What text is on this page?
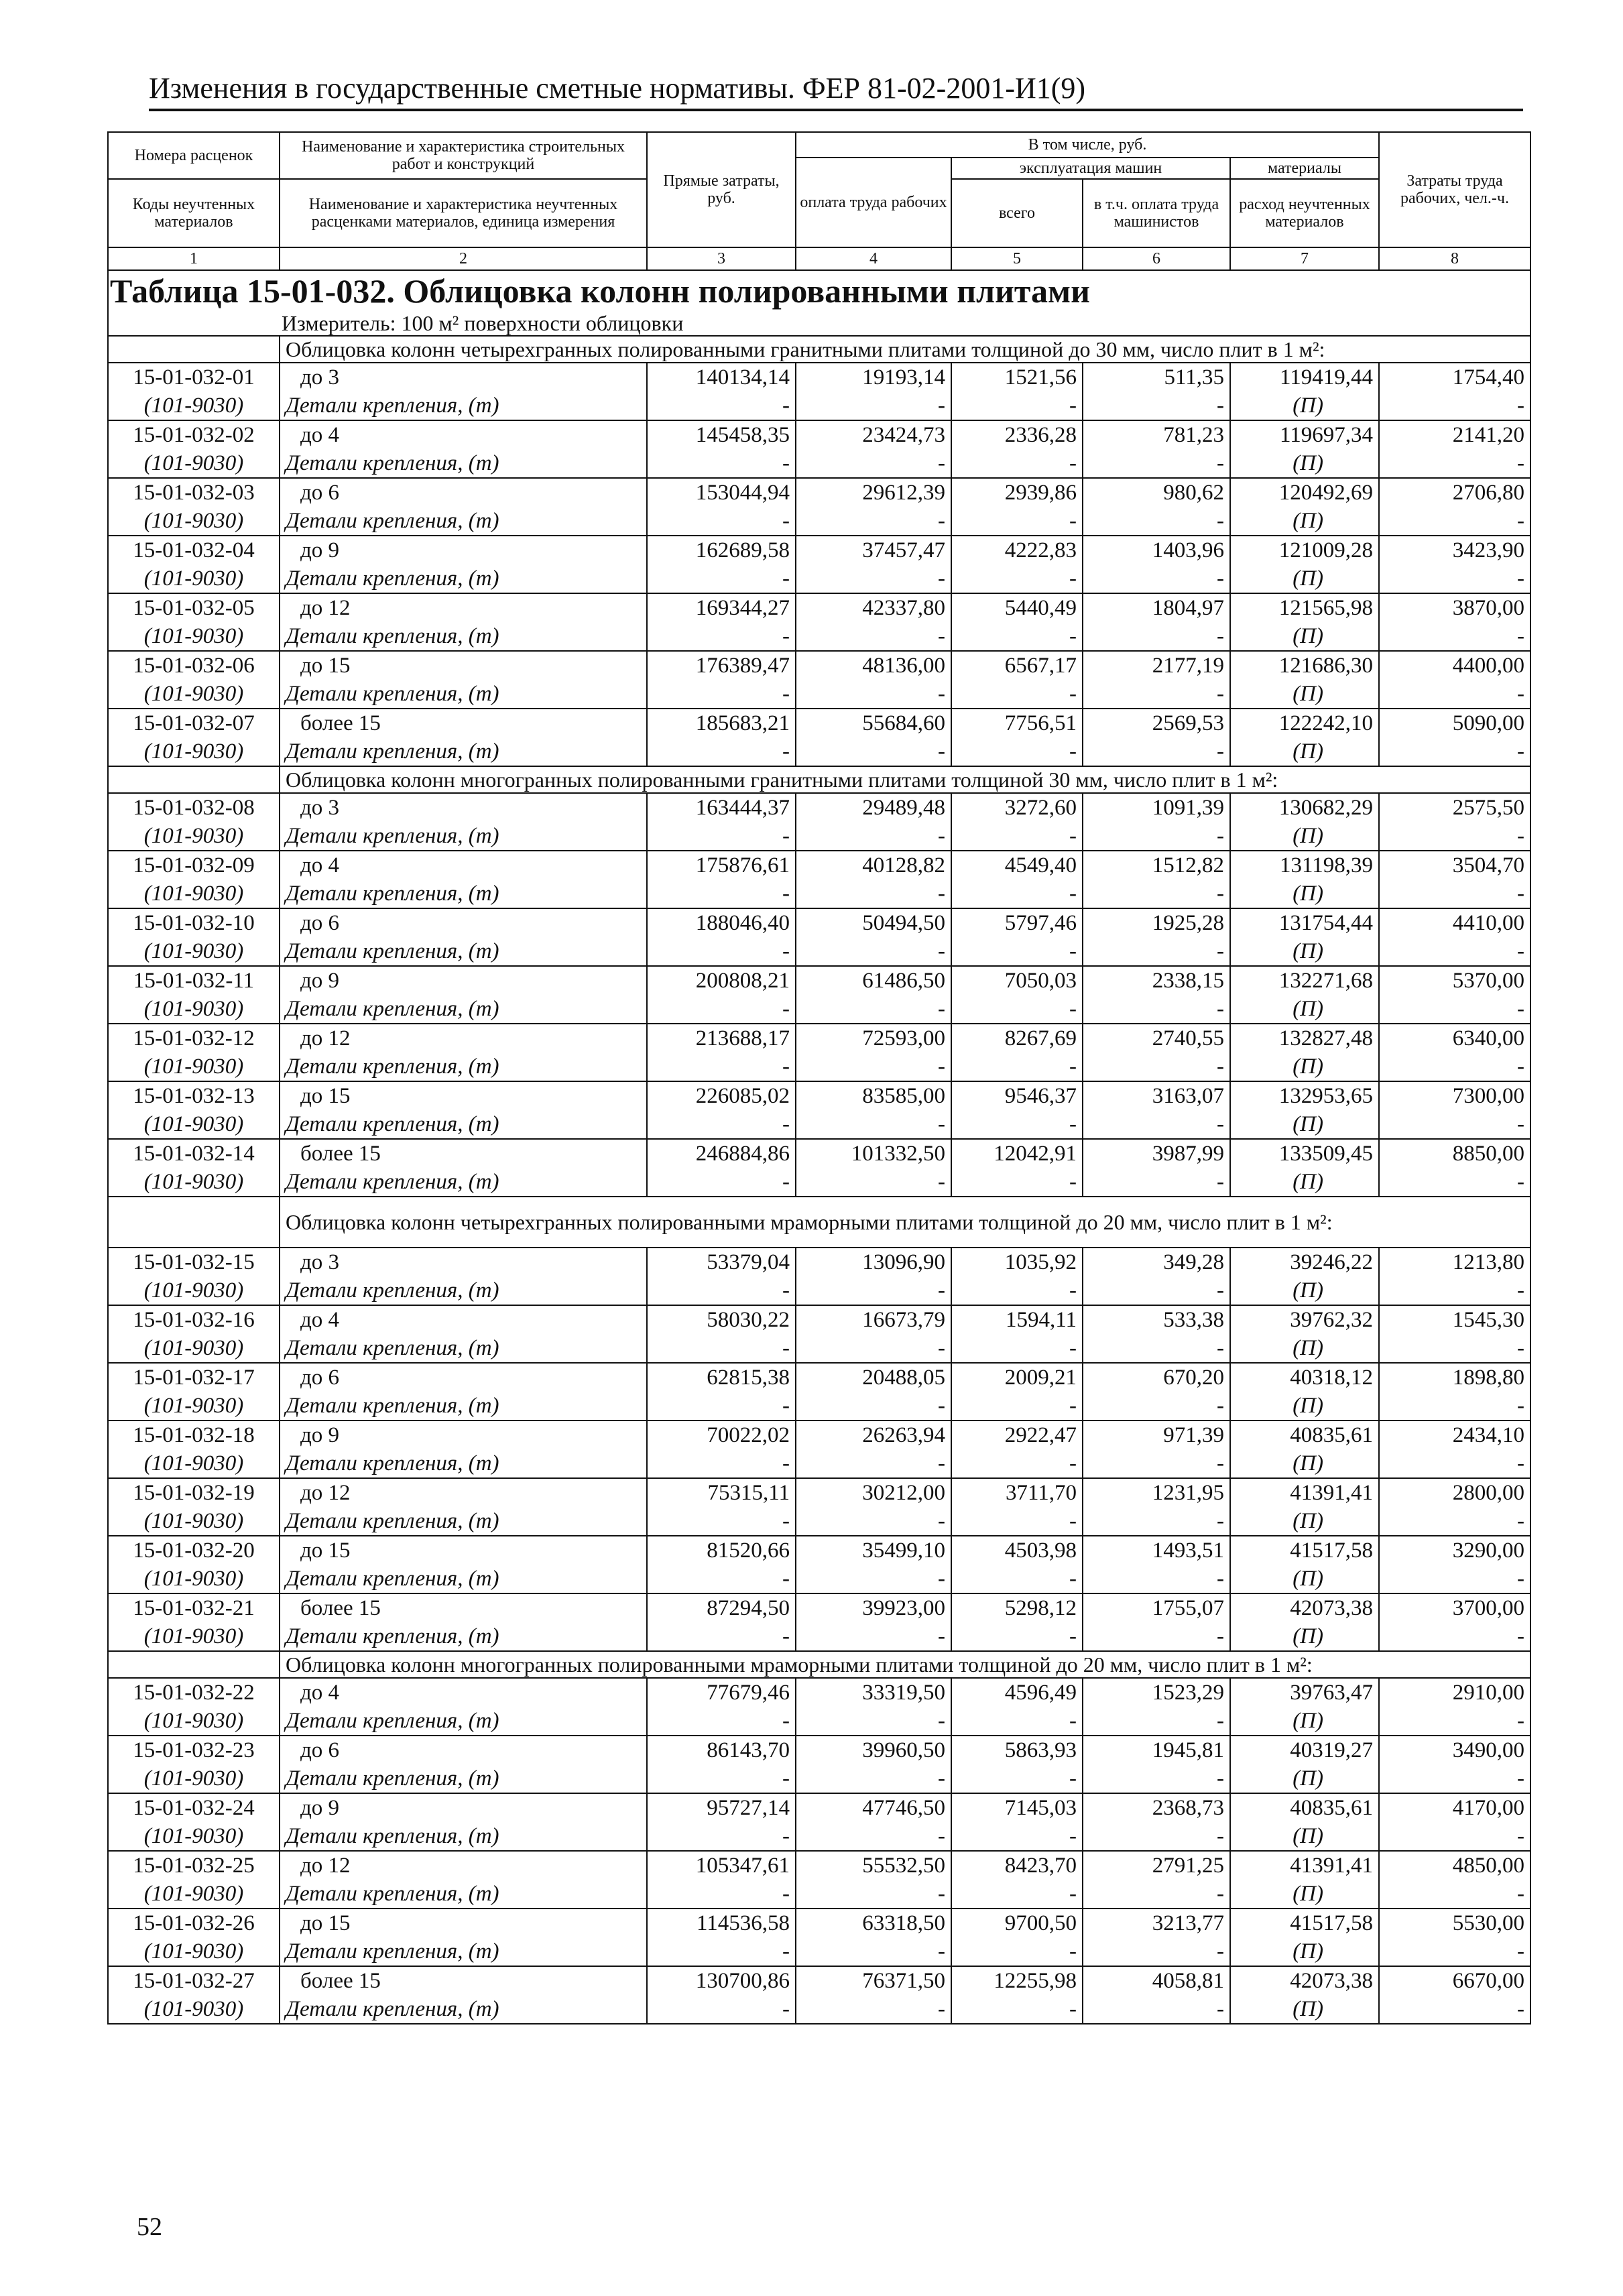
Изменения в государственные сметные нормативы. ФЕР 81-02-2001-И1(9)
Номера расценок	Наименование и характеристика строительных работ и конструкций	Прямые затраты, руб.	В том числе, руб.				Затраты труда рабочих, чел.-ч.
			оплата труда рабочих	эксплуатация машин		материалы	
Коды неучтенных материалов	Наименование и характеристика неучтенных расценками материалов, единица измерения			всего	в т.ч. оплата труда машинистов	расход неучтенных материалов	

1	2	3	4	5	6	7	8
Таблица 15-01-032. Облицовка колонн полированными плитами							
Измеритель: 100 м² поверхности облицовки							
	Облицовка колонн четырехгранных полированными гранитными плитами толщиной до 30 мм, число плит в 1 м²:						
15-01-032-01	до 3	140134,14	19193,14	1521,56	511,35	119419,44	1754,40
(101-9030)	Детали крепления, (т)	-	-	-	-	(П)	-
15-01-032-02	до 4	145458,35	23424,73	2336,28	781,23	119697,34	2141,20
(101-9030)	Детали крепления, (т)	-	-	-	-	(П)	-
15-01-032-03	до 6	153044,94	29612,39	2939,86	980,62	120492,69	2706,80
(101-9030)	Детали крепления, (т)	-	-	-	-	(П)	-
15-01-032-04	до 9	162689,58	37457,47	4222,83	1403,96	121009,28	3423,90
(101-9030)	Детали крепления, (т)	-	-	-	-	(П)	-
15-01-032-05	до 12	169344,27	42337,80	5440,49	1804,97	121565,98	3870,00
(101-9030)	Детали крепления, (т)	-	-	-	-	(П)	-
15-01-032-06	до 15	176389,47	48136,00	6567,17	2177,19	121686,30	4400,00
(101-9030)	Детали крепления, (т)	-	-	-	-	(П)	-
15-01-032-07	более 15	185683,21	55684,60	7756,51	2569,53	122242,10	5090,00
(101-9030)	Детали крепления, (т)	-	-	-	-	(П)	-
	Облицовка колонн многогранных полированными гранитными плитами толщиной 30 мм, число плит в 1 м²:						
15-01-032-08	до 3	163444,37	29489,48	3272,60	1091,39	130682,29	2575,50
(101-9030)	Детали крепления, (т)	-	-	-	-	(П)	-
15-01-032-09	до 4	175876,61	40128,82	4549,40	1512,82	131198,39	3504,70
(101-9030)	Детали крепления, (т)	-	-	-	-	(П)	-
15-01-032-10	до 6	188046,40	50494,50	5797,46	1925,28	131754,44	4410,00
(101-9030)	Детали крепления, (т)	-	-	-	-	(П)	-
15-01-032-11	до 9	200808,21	61486,50	7050,03	2338,15	132271,68	5370,00
(101-9030)	Детали крепления, (т)	-	-	-	-	(П)	-
15-01-032-12	до 12	213688,17	72593,00	8267,69	2740,55	132827,48	6340,00
(101-9030)	Детали крепления, (т)	-	-	-	-	(П)	-
15-01-032-13	до 15	226085,02	83585,00	9546,37	3163,07	132953,65	7300,00
(101-9030)	Детали крепления, (т)	-	-	-	-	(П)	-
15-01-032-14	более 15	246884,86	101332,50	12042,91	3987,99	133509,45	8850,00
(101-9030)	Детали крепления, (т)	-	-	-	-	(П)	-
	Облицовка колонн четырехгранных полированными мраморными плитами толщиной до 20 мм, число плит в 1 м²:						
15-01-032-15	до 3	53379,04	13096,90	1035,92	349,28	39246,22	1213,80
(101-9030)	Детали крепления, (т)	-	-	-	-	(П)	-
15-01-032-16	до 4	58030,22	16673,79	1594,11	533,38	39762,32	1545,30
(101-9030)	Детали крепления, (т)	-	-	-	-	(П)	-
15-01-032-17	до 6	62815,38	20488,05	2009,21	670,20	40318,12	1898,80
(101-9030)	Детали крепления, (т)	-	-	-	-	(П)	-
15-01-032-18	до 9	70022,02	26263,94	2922,47	971,39	40835,61	2434,10
(101-9030)	Детали крепления, (т)	-	-	-	-	(П)	-
15-01-032-19	до 12	75315,11	30212,00	3711,70	1231,95	41391,41	2800,00
(101-9030)	Детали крепления, (т)	-	-	-	-	(П)	-
15-01-032-20	до 15	81520,66	35499,10	4503,98	1493,51	41517,58	3290,00
(101-9030)	Детали крепления, (т)	-	-	-	-	(П)	-
15-01-032-21	более 15	87294,50	39923,00	5298,12	1755,07	42073,38	3700,00
(101-9030)	Детали крепления, (т)	-	-	-	-	(П)	-
	Облицовка колонн многогранных полированными мраморными плитами толщиной до 20 мм, число плит в 1 м²:						
15-01-032-22	до 4	77679,46	33319,50	4596,49	1523,29	39763,47	2910,00
(101-9030)	Детали крепления, (т)	-	-	-	-	(П)	-
15-01-032-23	до 6	86143,70	39960,50	5863,93	1945,81	40319,27	3490,00
(101-9030)	Детали крепления, (т)	-	-	-	-	(П)	-
15-01-032-24	до 9	95727,14	47746,50	7145,03	2368,73	40835,61	4170,00
(101-9030)	Детали крепления, (т)	-	-	-	-	(П)	-
15-01-032-25	до 12	105347,61	55532,50	8423,70	2791,25	41391,41	4850,00
(101-9030)	Детали крепления, (т)	-	-	-	-	(П)	-
15-01-032-26	до 15	114536,58	63318,50	9700,50	3213,77	41517,58	5530,00
(101-9030)	Детали крепления, (т)	-	-	-	-	(П)	-
15-01-032-27	более 15	130700,86	76371,50	12255,98	4058,81	42073,38	6670,00
(101-9030)	Детали крепления, (т)	-	-	-	-	(П)	-
52
